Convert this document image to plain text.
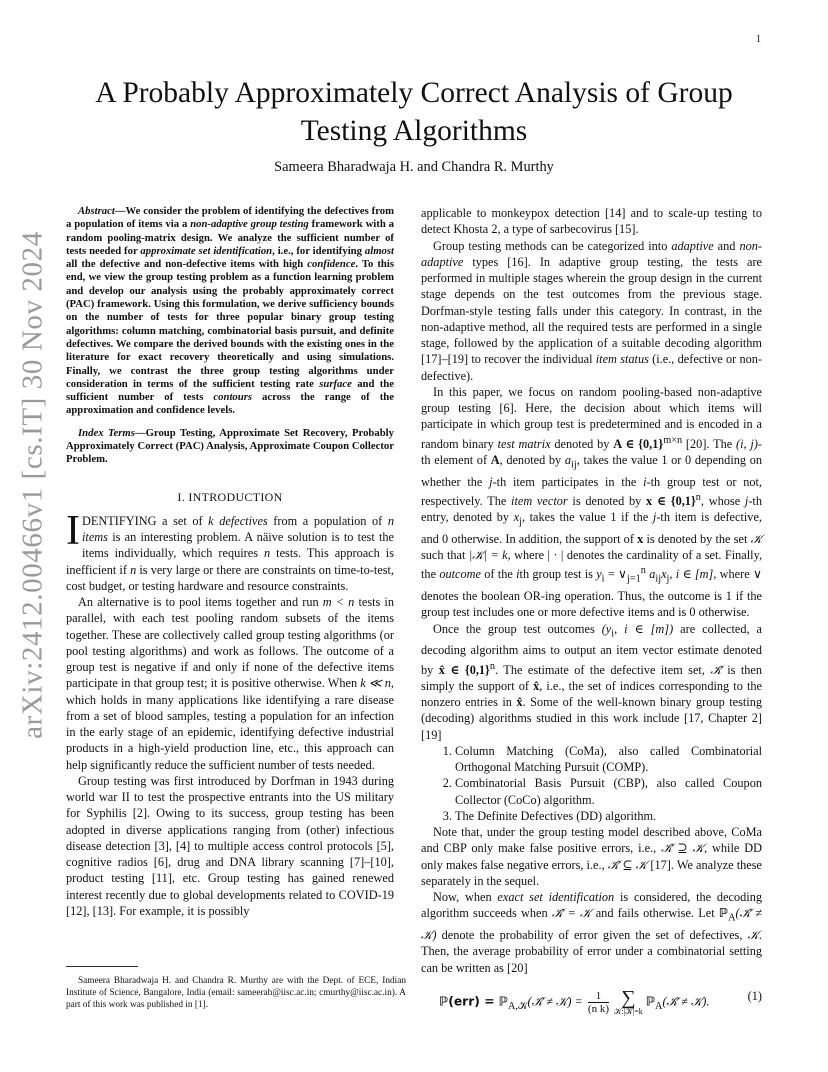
1
arXiv:2412.00466v1 [cs.IT] 30 Nov 2024
A Probably Approximately Correct Analysis of Group Testing Algorithms

Sameera Bharadwaja H. and Chandra R. Murthy

Abstract—We consider the problem of identifying the defectives from a population of items via a non-adaptive group testing framework with a random pooling-matrix design. We analyze the sufficient number of tests needed for approximate set identification, i.e., for identifying almost all the defective and non-defective items with high confidence. To this end, we view the group testing problem as a function learning problem and develop our analysis using the probably approximately correct (PAC) framework. Using this formulation, we derive sufficiency bounds on the number of tests for three popular binary group testing algorithms: column matching, combinatorial basis pursuit, and definite defectives. We compare the derived bounds with the existing ones in the literature for exact recovery theoretically and using simulations. Finally, we contrast the three group testing algorithms under consideration in terms of the sufficient testing rate surface and the sufficient number of tests contours across the range of the approximation and confidence levels.

Index Terms—Group Testing, Approximate Set Recovery, Probably Approximately Correct (PAC) Analysis, Approximate Coupon Collector Problem.

I. INTRODUCTION

IDENTIFYING a set of k defectives from a population of n items is an interesting problem. A näive solution is to test the items individually, which requires n tests. This approach is inefficient if n is very large or there are constraints on time-to-test, cost budget, or testing hardware and resource constraints.

An alternative is to pool items together and run m < n tests in parallel, with each test pooling random subsets of the items together. These are collectively called group testing algorithms (or pool testing algorithms) and work as follows. The outcome of a group test is negative if and only if none of the defective items participate in that group test; it is positive otherwise. When k ≪ n, which holds in many applications like identifying a rare disease from a set of blood samples, testing a population for an infection in the early stage of an epidemic, identifying defective industrial products in a high-yield production line, etc., this approach can help significantly reduce the sufficient number of tests needed.

Group testing was first introduced by Dorfman in 1943 during world war II to test the prospective entrants into the US military for Syphilis [2]. Owing to its success, group testing has been adopted in diverse applications ranging from (other) infectious disease detection [3], [4] to multiple access control protocols [5], cognitive radios [6], drug and DNA library scanning [7]–[10], product testing [11], etc. Group testing has gained renewed interest recently due to global developments related to COVID-19 [12], [13]. For example, it is possibly

Sameera Bharadwaja H. and Chandra R. Murthy are with the Dept. of ECE, Indian Institute of Science, Bangalore, India (email: sameerah@iisc.ac.in; cmurthy@iisc.ac.in). A part of this work was published in [1].

applicable to monkeypox detection [14] and to scale-up testing to detect Khosta 2, a type of sarbecovirus [15].

Group testing methods can be categorized into adaptive and non-adaptive types [16]. In adaptive group testing, the tests are performed in multiple stages wherein the group design in the current stage depends on the test outcomes from the previous stage. Dorfman-style testing falls under this category. In contrast, in the non-adaptive method, all the required tests are performed in a single stage, followed by the application of a suitable decoding algorithm [17]–[19] to recover the individual item status (i.e., defective or non-defective).

In this paper, we focus on random pooling-based non-adaptive group testing [6]. Here, the decision about which items will participate in which group test is predetermined and is encoded in a random binary test matrix denoted by A ∈ $\{0,1\}^{m\times n}$ [20]. The (i, j)-th element of A, denoted by $a_{ij}$, takes the value 1 or 0 depending on whether the j-th item participates in the i-th group test or not, respectively. The item vector is denoted by x ∈ $\{0,1\}^n$, whose j-th entry, denoted by $x_j$, takes the value 1 if the j-th item is defective, and 0 otherwise. In addition, the support of x is denoted by the set 𝒦 such that |𝒦| = k, where | · | denotes the cardinality of a set. Finally, the outcome of the ith group test is $y_i$ = $\vee_{j=1}^n$ $a_{ij}x_j$, i ∈ [m], where ∨ denotes the boolean OR-ing operation. Thus, the outcome is 1 if the group test includes one or more defective items and is 0 otherwise.

Once the group test outcomes ($y_i$, i ∈ [m]) are collected, a decoding algorithm aims to output an item vector estimate denoted by x̂ ∈ $\{0,1\}^n$. The estimate of the defective item set, 𝒦̂ is then simply the support of x̂, i.e., the set of indices corresponding to the nonzero entries in x̂. Some of the well-known binary group testing (decoding) algorithms studied in this work include [17, Chapter 2] [19]

1. Column Matching (CoMa), also called Combinatorial Orthogonal Matching Pursuit (COMP).
2. Combinatorial Basis Pursuit (CBP), also called Coupon Collector (CoCo) algorithm.
3. The Definite Defectives (DD) algorithm.

Note that, under the group testing model described above, CoMa and CBP only make false positive errors, i.e., 𝒦̂ ⊇ 𝒦, while DD only makes false negative errors, i.e., 𝒦̂ ⊆ 𝒦 [17]. We analyze these separately in the sequel.

Now, when exact set identification is considered, the decoding algorithm succeeds when 𝒦̂ = 𝒦 and fails otherwise. Let ℙ$_A$(𝒦̂ ≠ 𝒦) denote the probability of error given the set of defectives, 𝒦. Then, the average probability of error under a combinatorial setting can be written as [20]

ℙ(err) = ℙ$_{A,𝒦}$(𝒦̂ ≠ 𝒦) = $\frac{1}{\text{(n k)}}$ ∑
𝒦:|𝒦|=k
ℙ$_A$(𝒦̂ ≠ 𝒦).	(1)
